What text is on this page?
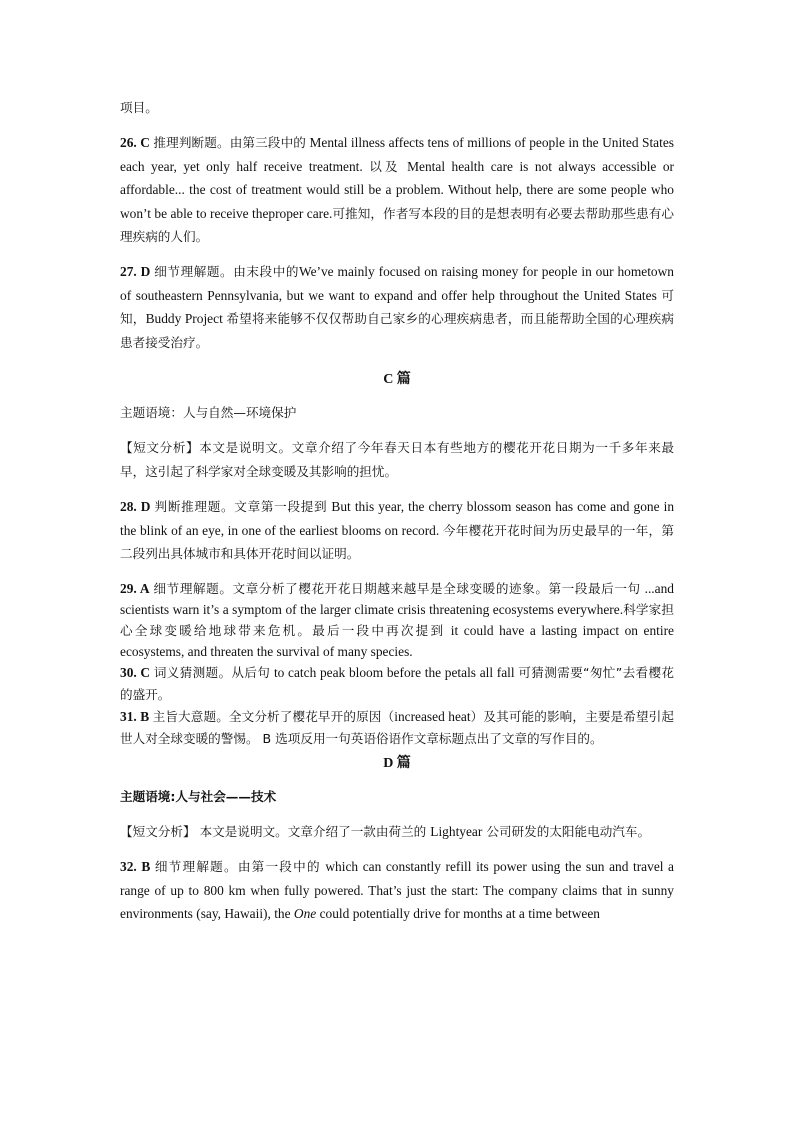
项目。

26. C 推理判断题。由第三段中的 Mental illness affects tens of millions of people in the United States each year, yet only half receive treatment. 以及 Mental health care is not always accessible or affordable... the cost of treatment would still be a problem. Without help, there are some people who won’t be able to receive theproper care.可推知，作者写本段的目的是想表明有必要去帮助那些患有心理疾病的人们。

27. D 细节理解题。由末段中的We’ve mainly focused on raising money for people in our hometown of southeastern Pennsylvania, but we want to expand and offer help throughout the United States 可知，Buddy Project 希望将来能够不仅仅帮助自己家乡的心理疾病患者，而且能帮助全国的心理疾病患者接受治疗。

C 篇

主题语境：人与自然—环境保护

【短文分析】本文是说明文。文章介绍了今年春天日本有些地方的樱花开花日期为一千多年来最早，这引起了科学家对全球变暖及其影响的担忧。

28. D 判断推理题。文章第一段提到 But this year, the cherry blossom season has come and gone in the blink of an eye, in one of the earliest blooms on record. 今年樱花开花时间为历史最早的一年，第二段列出具体城市和具体开花时间以证明。

29. A 细节理解题。文章分析了樱花开花日期越来越早是全球变暖的迹象。第一段最后一句 ...and scientists warn it’s a symptom of the larger climate crisis threatening ecosystems everywhere.科学家担心全球变暖给地球带来危机。最后一段中再次提到 it could have a lasting impact on entire ecosystems, and threaten the survival of many species.

30. C 词义猜测题。从后句 to catch peak bloom before the petals all fall 可猜测需要“匆忙”去看樱花的盛开。

31. B 主旨大意题。全文分析了樱花早开的原因（increased heat）及其可能的影响，主要是希望引起世人对全球变暖的警惕。 B 选项反用一句英语俗语作文章标题点出了文章的写作目的。

D 篇

主题语境:人与社会——技术

【短文分析】 本文是说明文。文章介绍了一款由荷兰的 Lightyear 公司研发的太阳能电动汽车。

32. B 细节理解题。由第一段中的 which can constantly refill its power using the sun and travel a range of up to 800 km when fully powered. That’s just the start: The company claims that in sunny environments (say, Hawaii), the One could potentially drive for months at a time between
